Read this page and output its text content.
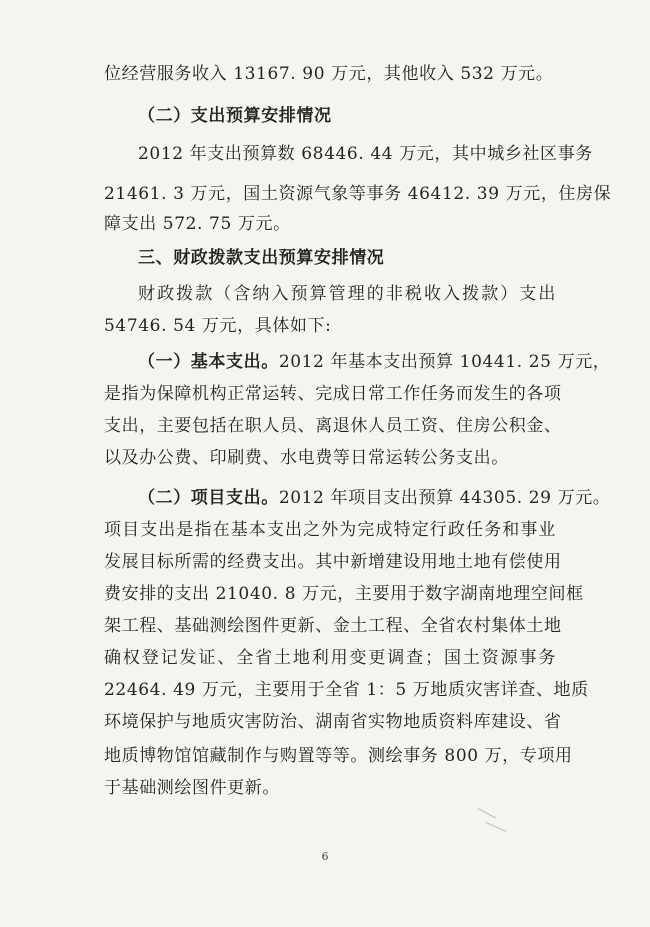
位经营服务收入 13167. 90 万元，其他收入 532 万元。
（二）支出预算安排情况
2012 年支出预算数 68446. 44 万元，其中城乡社区事务
21461. 3 万元，国土资源气象等事务 46412. 39 万元，住房保
障支出 572. 75 万元。
三、财政拨款支出预算安排情况
财政拨款（含纳入预算管理的非税收入拨款）支出
54746. 54 万元，具体如下:
（一）基本支出。2012 年基本支出预算 10441. 25 万元，
是指为保障机构正常运转、完成日常工作任务而发生的各项
支出，主要包括在职人员、离退休人员工资、住房公积金、
以及办公费、印刷费、水电费等日常运转公务支出。
（二）项目支出。2012 年项目支出预算 44305. 29 万元。
项目支出是指在基本支出之外为完成特定行政任务和事业
发展目标所需的经费支出。其中新增建设用地土地有偿使用
费安排的支出 21040. 8 万元，主要用于数字湖南地理空间框
架工程、基础测绘图件更新、金土工程、全省农村集体土地
确权登记发证、全省土地利用变更调查；国土资源事务
22464. 49 万元，主要用于全省 1：5 万地质灾害详查、地质
环境保护与地质灾害防治、湖南省实物地质资料库建设、省
地质博物馆馆藏制作与购置等等。测绘事务 800 万，专项用
于基础测绘图件更新。
6
